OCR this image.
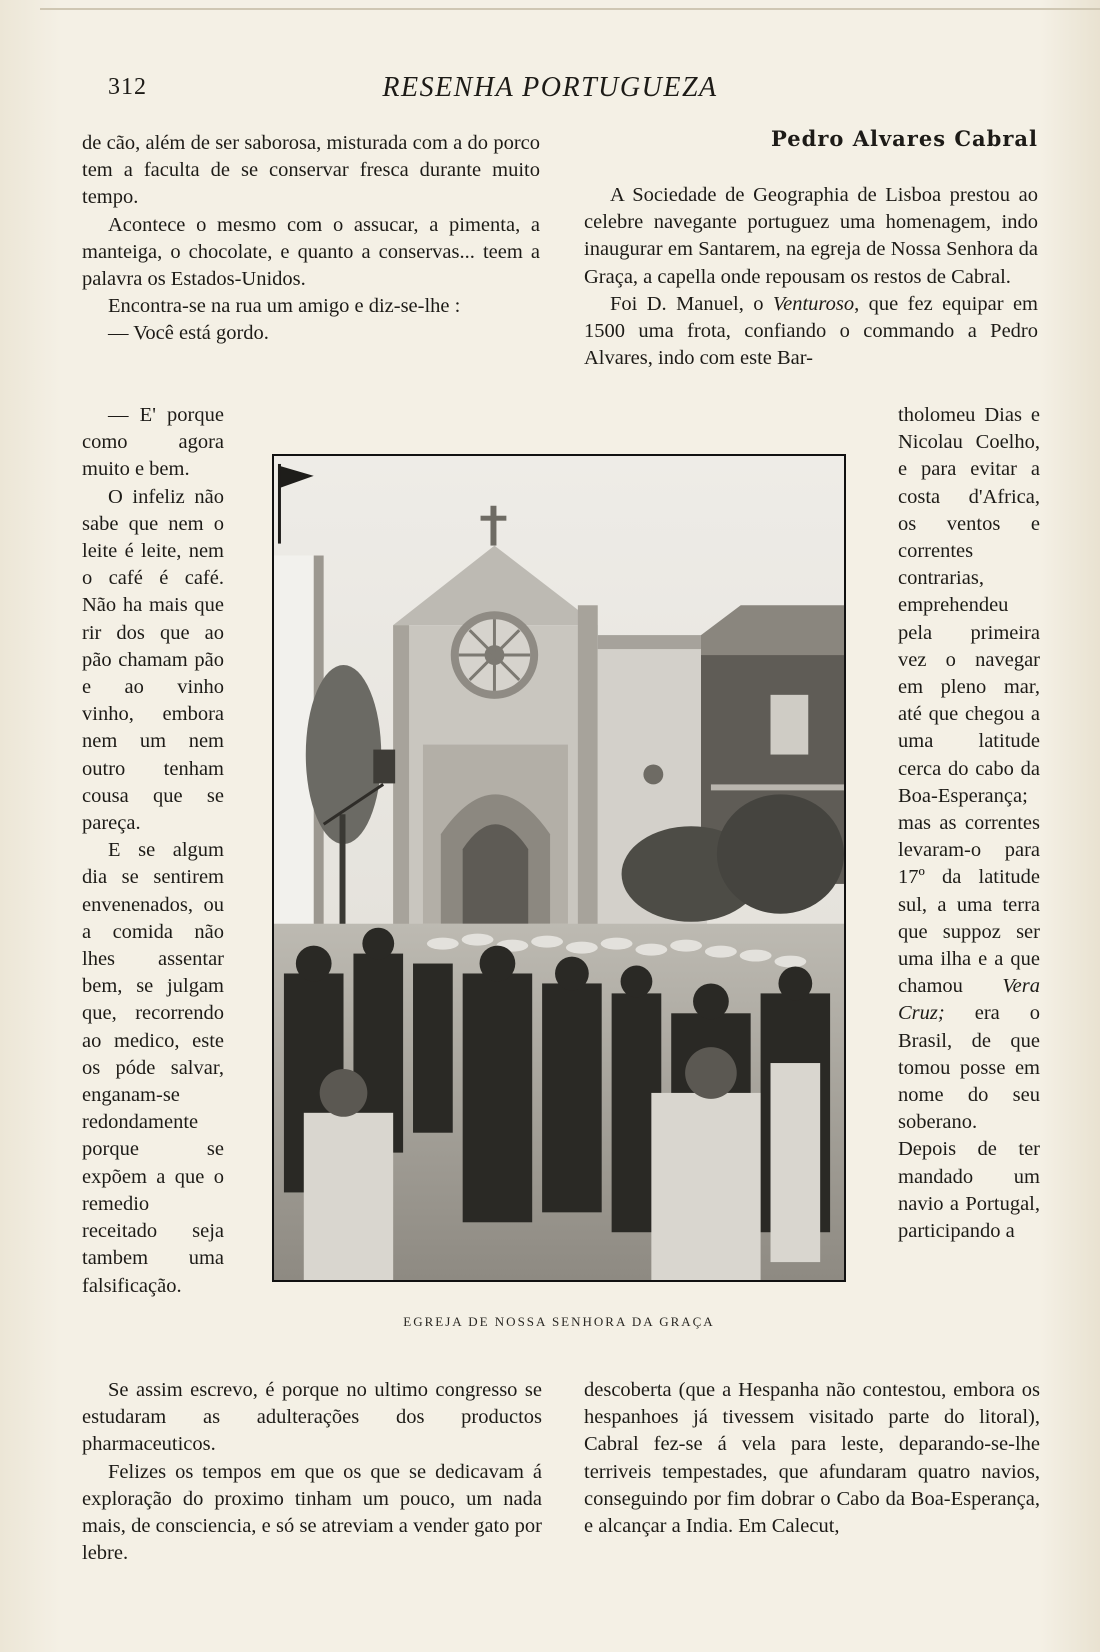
312	RESENHA PORTUGUEZA

de cão, além de ser saborosa, misturada com a do porco tem a faculta de se conservar fresca durante muito tempo.

Acontece o mesmo com o assucar, a pimenta, a manteiga, o chocolate, e quanto a conservas... teem a palavra os Estados-Unidos.

Encontra-se na rua um amigo e diz-se-lhe :

— Você está gordo.

— E' porque como agora muito e bem.

O infeliz não sabe que nem o leite é leite, nem o café é café. Não ha mais que rir dos que ao pão chamam pão e ao vinho vinho, embora nem um nem outro tenham cousa que se pareça.

E se algum dia se sentirem envenenados, ou a comida não lhes assentar bem, se julgam que, recorrendo ao medico, este os póde salvar, enganam-se redondamente porque se expõem a que o remedio receitado seja tambem uma falsificação.

Se assim escrevo, é porque no ultimo congresso se estudaram as adulterações dos productos pharmaceuticos.

Felizes os tempos em que os que se dedicavam á exploração do proximo tinham um pouco, um nada mais, de consciencia, e só se atreviam a vender gato por lebre.

Pedro Alvares Cabral

A Sociedade de Geographia de Lisboa prestou ao celebre navegante portuguez uma homenagem, indo inaugurar em Santarem, na egreja de Nossa Senhora da Graça, a capella onde repousam os restos de Cabral.

Foi D. Manuel, o Venturoso, que fez equipar em 1500 uma frota, confiando o commando a Pedro Alvares, indo com este Bar-

tholomeu Dias e Nicolau Coelho, e para evitar a costa d'Africa, os ventos e correntes contrarias, emprehendeu pela primeira vez o navegar em pleno mar, até que chegou a uma latitude cerca do cabo da Boa-Esperança; mas as correntes levaram-o para 17º da latitude sul, a uma terra que suppoz ser uma ilha e a que chamou Vera Cruz; era o Brasil, de que tomou posse em nome do seu soberano. Depois de ter mandado um navio a Portugal, participando a

descoberta (que a Hespanha não contestou, embora os hespanhoes já tivessem visitado parte do litoral), Cabral fez-se á vela para leste, deparando-se-lhe terriveis tempestades, que afundaram quatro navios, conseguindo por fim dobrar o Cabo da Boa-Esperança, e alcançar a India. Em Calecut,

EGREJA DE NOSSA SENHORA DA GRAÇA
